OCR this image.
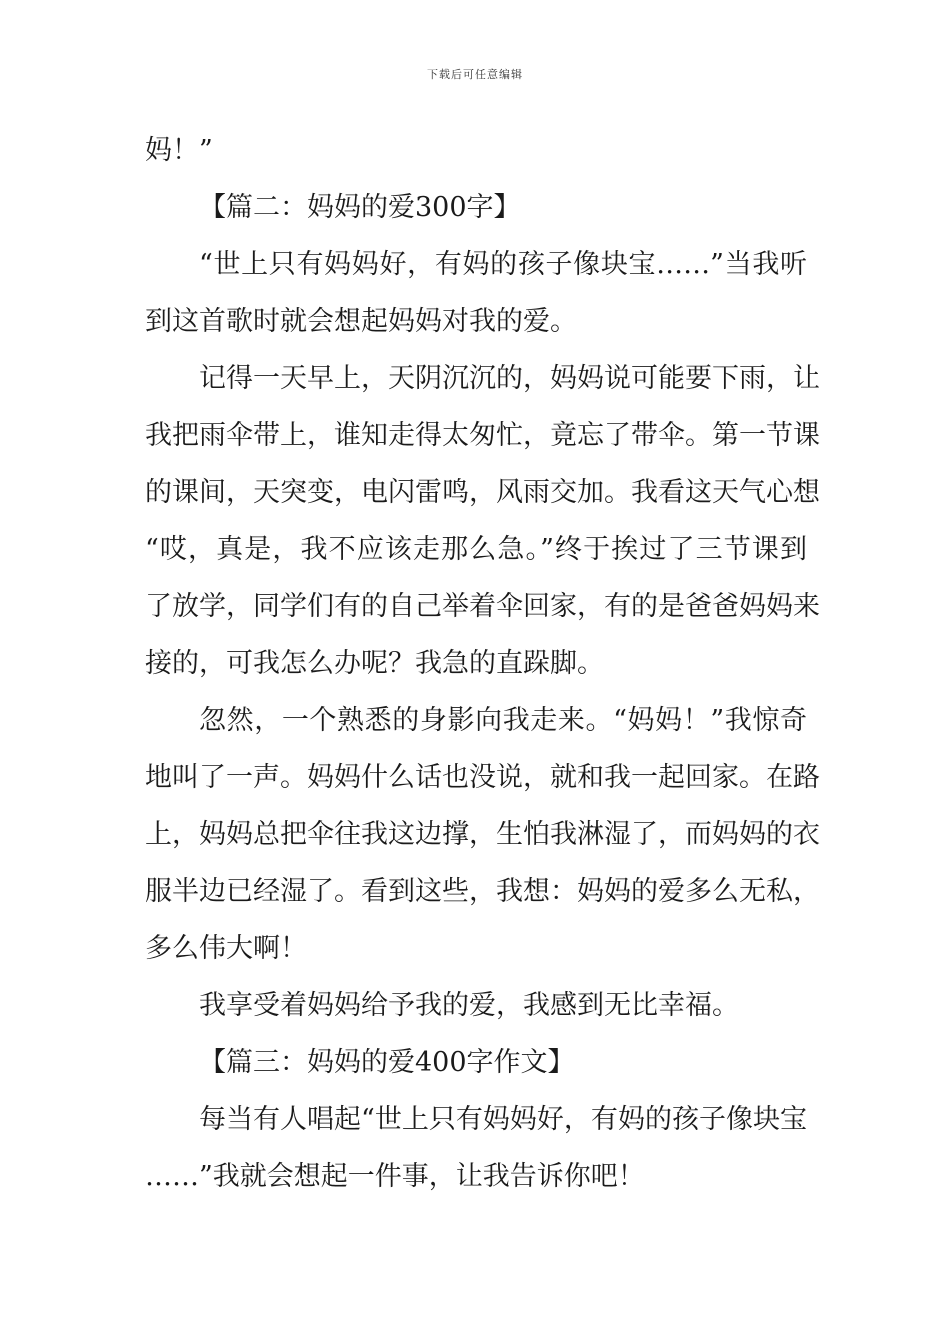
下载后可任意编辑
妈！”
【篇二：妈妈的爱300字】
“世上只有妈妈好，有妈的孩子像块宝……”当我听
到这首歌时就会想起妈妈对我的爱。
记得一天早上，天阴沉沉的，妈妈说可能要下雨，让
我把雨伞带上，谁知走得太匆忙，竟忘了带伞。第一节课
的课间，天突变，电闪雷鸣，风雨交加。我看这天气心想
“哎，真是，我不应该走那么急。”终于挨过了三节课到
了放学，同学们有的自己举着伞回家，有的是爸爸妈妈来
接的，可我怎么办呢？我急的直跺脚。
忽然，一个熟悉的身影向我走来。“妈妈！”我惊奇
地叫了一声。妈妈什么话也没说，就和我一起回家。在路
上，妈妈总把伞往我这边撑，生怕我淋湿了，而妈妈的衣
服半边已经湿了。看到这些，我想：妈妈的爱多么无私，
多么伟大啊！
我享受着妈妈给予我的爱，我感到无比幸福。
【篇三：妈妈的爱400字作文】
每当有人唱起“世上只有妈妈好，有妈的孩子像块宝
……”我就会想起一件事，让我告诉你吧！
